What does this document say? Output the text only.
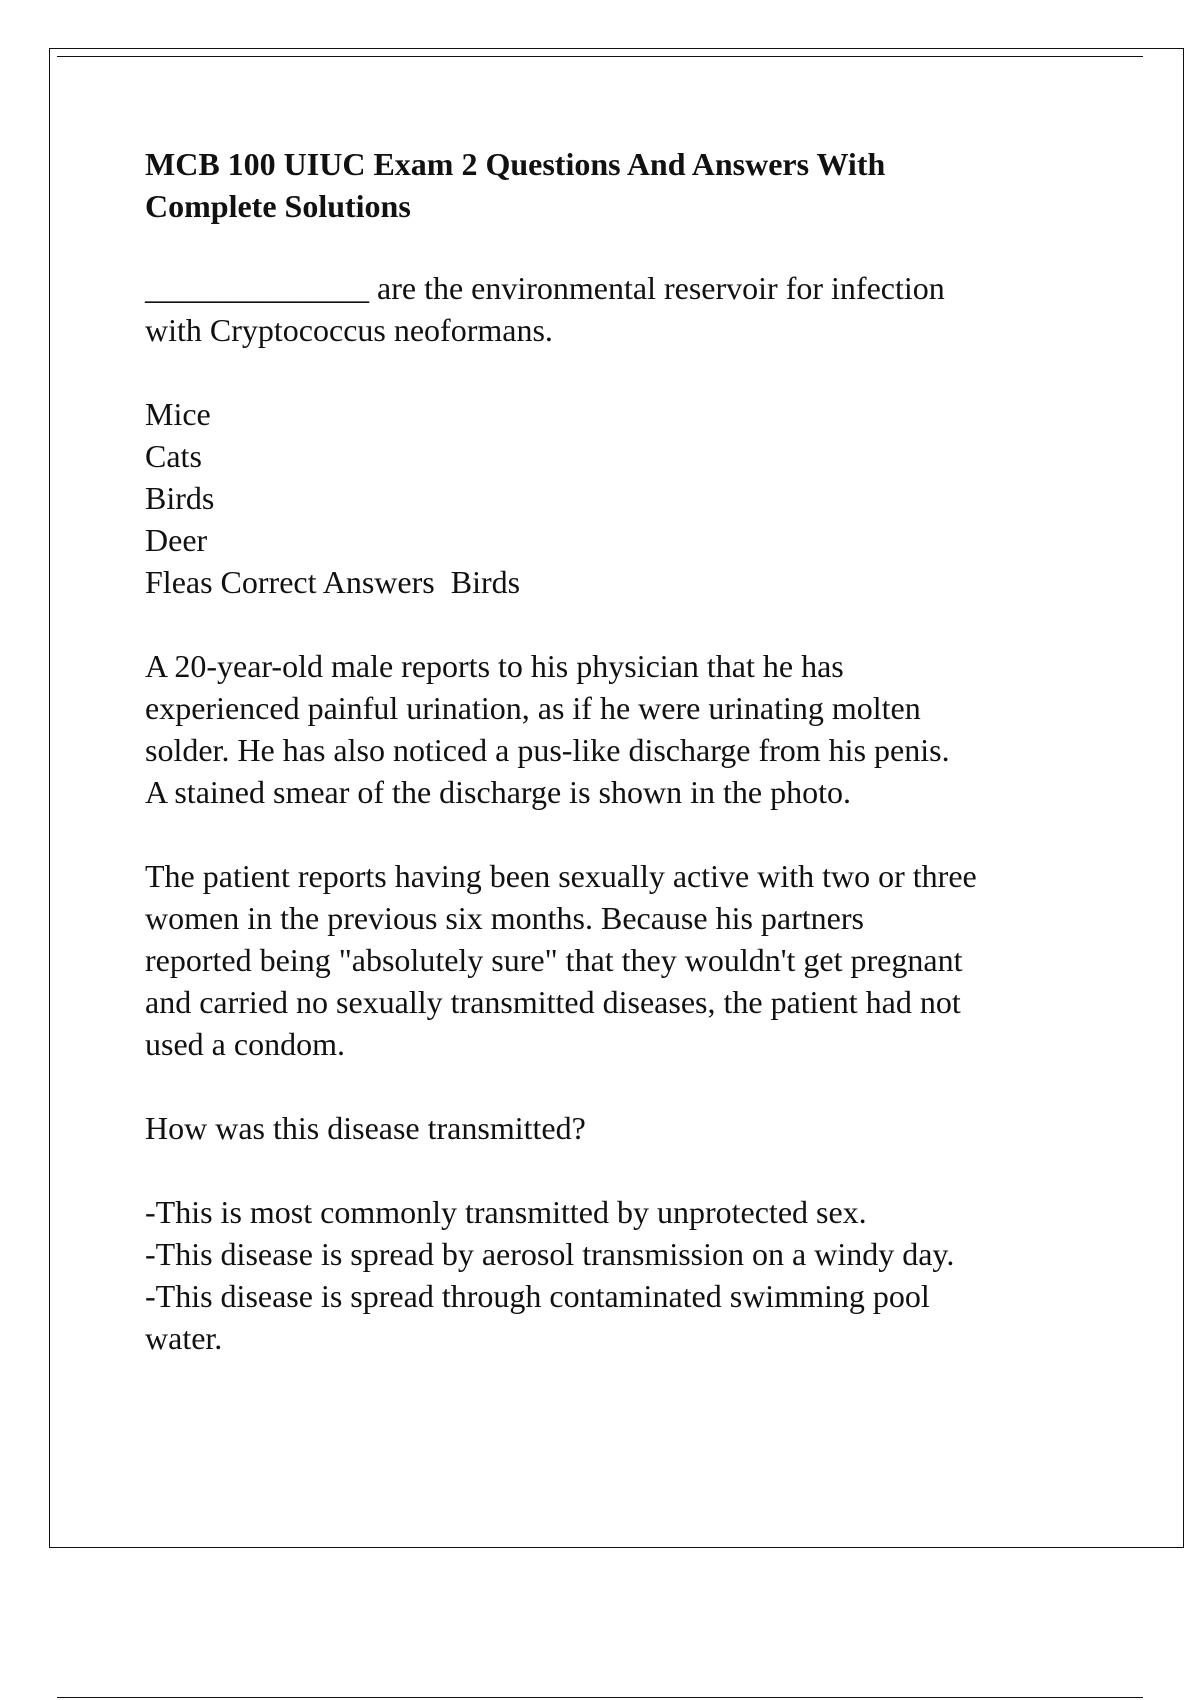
MCB 100 UIUC Exam 2 Questions And Answers With
Complete Solutions
______________ are the environmental reservoir for infection
with Cryptococcus neoformans.
Mice
Cats
Birds
Deer
Fleas Correct Answers  Birds
A 20-year-old male reports to his physician that he has
experienced painful urination, as if he were urinating molten
solder. He has also noticed a pus-like discharge from his penis.
A stained smear of the discharge is shown in the photo.
The patient reports having been sexually active with two or three
women in the previous six months. Because his partners
reported being "absolutely sure" that they wouldn't get pregnant
and carried no sexually transmitted diseases, the patient had not
used a condom.
How was this disease transmitted?
-This is most commonly transmitted by unprotected sex.
-This disease is spread by aerosol transmission on a windy day.
-This disease is spread through contaminated swimming pool
water.
